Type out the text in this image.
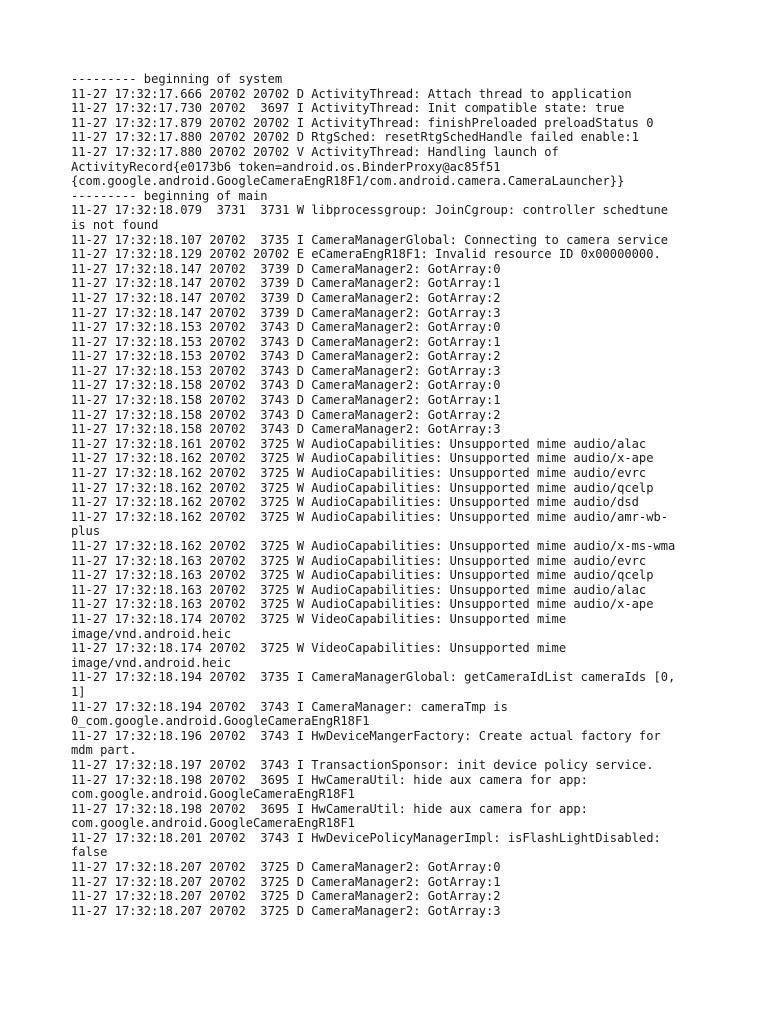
--------- beginning of system
11-27 17:32:17.666 20702 20702 D ActivityThread: Attach thread to application
11-27 17:32:17.730 20702  3697 I ActivityThread: Init compatible state: true
11-27 17:32:17.879 20702 20702 I ActivityThread: finishPreloaded preloadStatus 0
11-27 17:32:17.880 20702 20702 D RtgSched: resetRtgSchedHandle failed enable:1
11-27 17:32:17.880 20702 20702 V ActivityThread: Handling launch of
ActivityRecord{e0173b6 token=android.os.BinderProxy@ac85f51
{com.google.android.GoogleCameraEngR18F1/com.android.camera.CameraLauncher}}
--------- beginning of main
11-27 17:32:18.079  3731  3731 W libprocessgroup: JoinCgroup: controller schedtune
is not found
11-27 17:32:18.107 20702  3735 I CameraManagerGlobal: Connecting to camera service
11-27 17:32:18.129 20702 20702 E eCameraEngR18F1: Invalid resource ID 0x00000000.
11-27 17:32:18.147 20702  3739 D CameraManager2: GotArray:0
11-27 17:32:18.147 20702  3739 D CameraManager2: GotArray:1
11-27 17:32:18.147 20702  3739 D CameraManager2: GotArray:2
11-27 17:32:18.147 20702  3739 D CameraManager2: GotArray:3
11-27 17:32:18.153 20702  3743 D CameraManager2: GotArray:0
11-27 17:32:18.153 20702  3743 D CameraManager2: GotArray:1
11-27 17:32:18.153 20702  3743 D CameraManager2: GotArray:2
11-27 17:32:18.153 20702  3743 D CameraManager2: GotArray:3
11-27 17:32:18.158 20702  3743 D CameraManager2: GotArray:0
11-27 17:32:18.158 20702  3743 D CameraManager2: GotArray:1
11-27 17:32:18.158 20702  3743 D CameraManager2: GotArray:2
11-27 17:32:18.158 20702  3743 D CameraManager2: GotArray:3
11-27 17:32:18.161 20702  3725 W AudioCapabilities: Unsupported mime audio/alac
11-27 17:32:18.162 20702  3725 W AudioCapabilities: Unsupported mime audio/x-ape
11-27 17:32:18.162 20702  3725 W AudioCapabilities: Unsupported mime audio/evrc
11-27 17:32:18.162 20702  3725 W AudioCapabilities: Unsupported mime audio/qcelp
11-27 17:32:18.162 20702  3725 W AudioCapabilities: Unsupported mime audio/dsd
11-27 17:32:18.162 20702  3725 W AudioCapabilities: Unsupported mime audio/amr-wb-
plus
11-27 17:32:18.162 20702  3725 W AudioCapabilities: Unsupported mime audio/x-ms-wma
11-27 17:32:18.163 20702  3725 W AudioCapabilities: Unsupported mime audio/evrc
11-27 17:32:18.163 20702  3725 W AudioCapabilities: Unsupported mime audio/qcelp
11-27 17:32:18.163 20702  3725 W AudioCapabilities: Unsupported mime audio/alac
11-27 17:32:18.163 20702  3725 W AudioCapabilities: Unsupported mime audio/x-ape
11-27 17:32:18.174 20702  3725 W VideoCapabilities: Unsupported mime
image/vnd.android.heic
11-27 17:32:18.174 20702  3725 W VideoCapabilities: Unsupported mime
image/vnd.android.heic
11-27 17:32:18.194 20702  3735 I CameraManagerGlobal: getCameraIdList cameraIds [0,
1]
11-27 17:32:18.194 20702  3743 I CameraManager: cameraTmp is
0_com.google.android.GoogleCameraEngR18F1
11-27 17:32:18.196 20702  3743 I HwDeviceMangerFactory: Create actual factory for
mdm part.
11-27 17:32:18.197 20702  3743 I TransactionSponsor: init device policy service.
11-27 17:32:18.198 20702  3695 I HwCameraUtil: hide aux camera for app:
com.google.android.GoogleCameraEngR18F1
11-27 17:32:18.198 20702  3695 I HwCameraUtil: hide aux camera for app:
com.google.android.GoogleCameraEngR18F1
11-27 17:32:18.201 20702  3743 I HwDevicePolicyManagerImpl: isFlashLightDisabled:
false
11-27 17:32:18.207 20702  3725 D CameraManager2: GotArray:0
11-27 17:32:18.207 20702  3725 D CameraManager2: GotArray:1
11-27 17:32:18.207 20702  3725 D CameraManager2: GotArray:2
11-27 17:32:18.207 20702  3725 D CameraManager2: GotArray:3
